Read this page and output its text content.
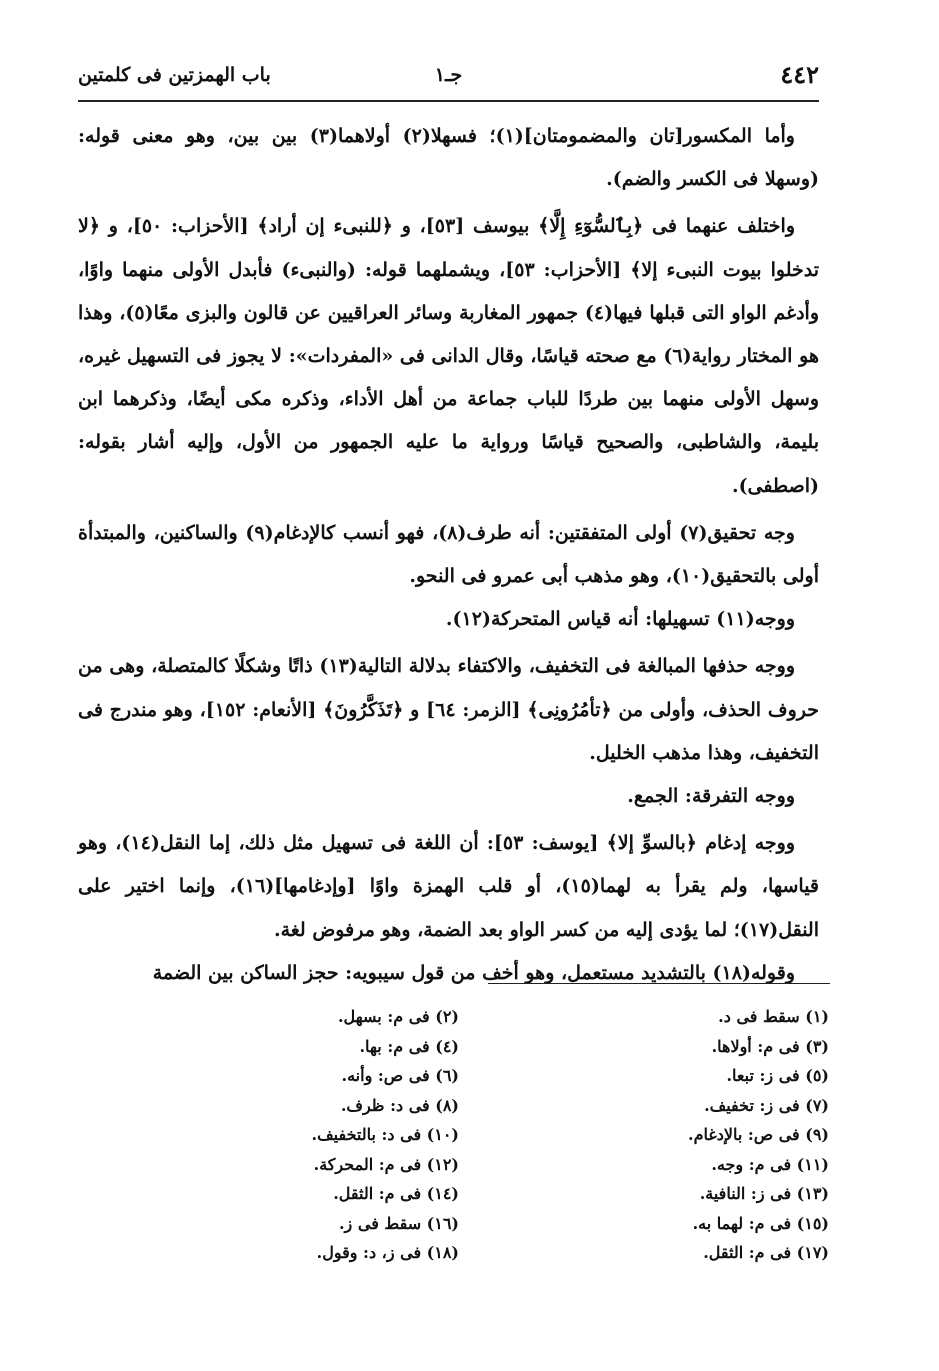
٤٤٢
جـ١
باب الهمزتين فى كلمتين

وأما المكسور[تان والمضمومتان](١)؛ فسهلا(٢) أولاهما(٣) بين بين، وهو معنى قوله: (وسهلا فى الكسر والضم).

واختلف عنهما فى ﴿بِٱلسُّوٓءِ إِلَّا﴾ بيوسف [٥٣]، و ﴿للنبىء إن أراد﴾ [الأحزاب: ٥٠]، و ﴿لا تدخلوا بيوت النبىء إلا﴾ [الأحزاب: ٥٣]، ويشملهما قوله: (والنبىء) فأبدل الأولى منهما واوًا، وأدغم الواو التى قبلها فيها(٤) جمهور المغاربة وسائر العراقيين عن قالون والبزى معًا(٥)، وهذا هو المختار رواية(٦) مع صحته قياسًا، وقال الدانى فى «المفردات»: لا يجوز فى التسهيل غيره، وسهل الأولى منهما بين طردًا للباب جماعة من أهل الأداء، وذكره مكى أيضًا، وذكرهما ابن بليمة، والشاطبى، والصحيح قياسًا ورواية ما عليه الجمهور من الأول، وإليه أشار بقوله: (اصطفى).

وجه تحقيق(٧) أولى المتفقتين: أنه طرف(٨)، فهو أنسب كالإدغام(٩) والساكنين، والمبتدأة أولى بالتحقيق(١٠)، وهو مذهب أبى عمرو فى النحو.

ووجه(١١) تسهيلها: أنه قياس المتحركة(١٢).

ووجه حذفها المبالغة فى التخفيف، والاكتفاء بدلالة التالية(١٣) ذاتًا وشكلًا كالمتصلة، وهى من حروف الحذف، وأولى من ﴿تأمُرُونِى﴾ [الزمر: ٦٤] و ﴿تَذَكَّرُونَ﴾ [الأنعام: ١٥٢]، وهو مندرج فى التخفيف، وهذا مذهب الخليل.

ووجه التفرقة: الجمع.

ووجه إدغام ﴿بالسوِّ إلا﴾ [يوسف: ٥٣]: أن اللغة فى تسهيل مثل ذلك، إما النقل(١٤)، وهو قياسها، ولم يقرأ به لهما(١٥)، أو قلب الهمزة واوًا [وإدغامها](١٦)، وإنما اختير على النقل(١٧)؛ لما يؤدى إليه من كسر الواو بعد الضمة، وهو مرفوض لغة.

وقوله(١٨) بالتشديد مستعمل، وهو أخف من قول سيبويه: حجز الساكن بين الضمة

(١) سقط فى د.
(٣) فى م: أولاها.
(٥) فى ز: تبعا.
(٧) فى ز: تخفيف.
(٩) فى ص: بالإدغام.
(١١) فى م: وجه.
(١٣) فى ز: النافية.
(١٥) فى م: لهما به.
(١٧) فى م: الثقل.
(٢) فى م: بسهل.
(٤) فى م: بها.
(٦) فى ص: وأنه.
(٨) فى د: ظرف.
(١٠) فى د: بالتخفيف.
(١٢) فى م: المحركة.
(١٤) فى م: الثقل.
(١٦) سقط فى ز.
(١٨) فى ز، د: وقول.
